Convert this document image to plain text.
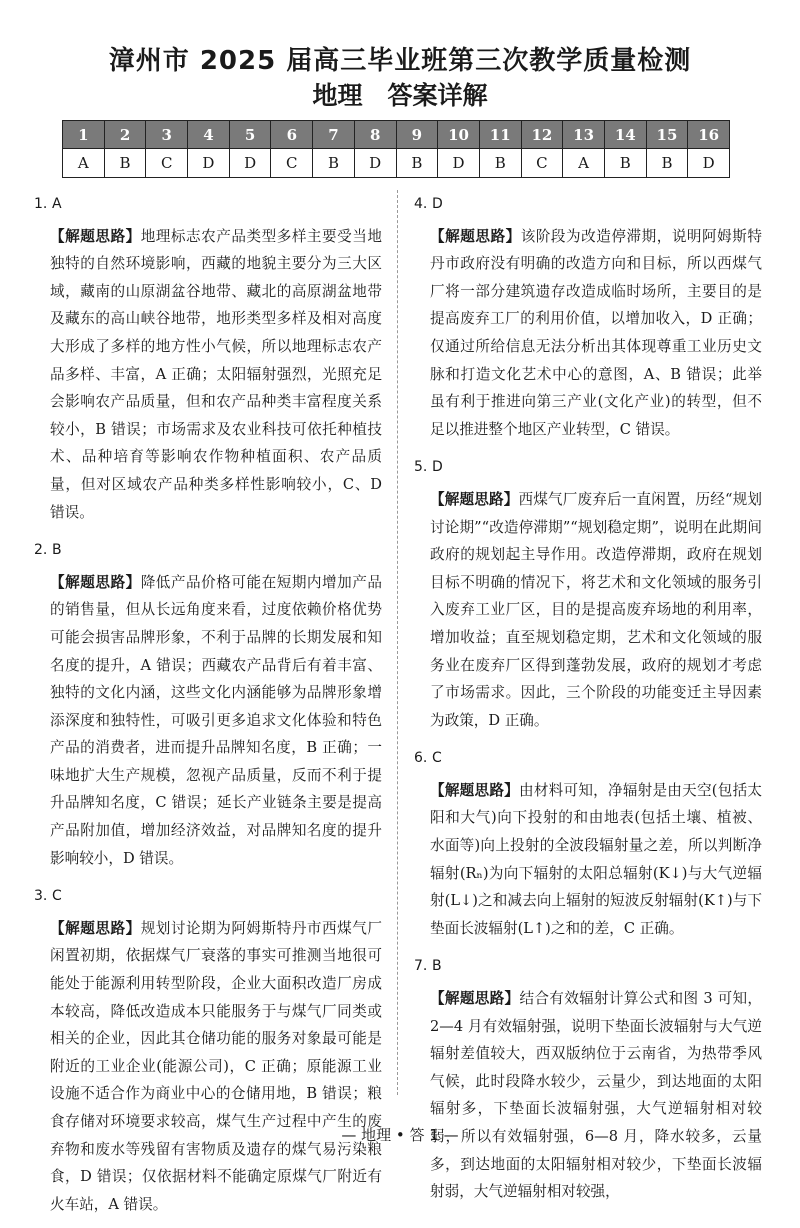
漳州市 2025 届高三毕业班第三次教学质量检测
地理　答案详解
1	2	3	4	5	6	7	8	9	10	11	12	13	14	15	16
A	B	C	D	D	C	B	D	B	D	B	C	A	B	B	D
1. A
【解题思路】地理标志农产品类型多样主要受当地独特的自然环境影响，西藏的地貌主要分为三大区域，藏南的山原湖盆谷地带、藏北的高原湖盆地带及藏东的高山峡谷地带，地形类型多样及相对高度大形成了多样的地方性小气候，所以地理标志农产品多样、丰富，A 正确；太阳辐射强烈，光照充足会影响农产品质量，但和农产品种类丰富程度关系较小，B 错误；市场需求及农业科技可依托种植技术、品种培育等影响农作物种植面积、农产品质量，但对区域农产品种类多样性影响较小，C、D 错误。
2. B
【解题思路】降低产品价格可能在短期内增加产品的销售量，但从长远角度来看，过度依赖价格优势可能会损害品牌形象，不利于品牌的长期发展和知名度的提升，A 错误；西藏农产品背后有着丰富、独特的文化内涵，这些文化内涵能够为品牌形象增添深度和独特性，可吸引更多追求文化体验和特色产品的消费者，进而提升品牌知名度，B 正确；一味地扩大生产规模，忽视产品质量，反而不利于提升品牌知名度，C 错误；延长产业链条主要是提高产品附加值，增加经济效益，对品牌知名度的提升影响较小，D 错误。
3. C
【解题思路】规划讨论期为阿姆斯特丹市西煤气厂闲置初期，依据煤气厂衰落的事实可推测当地很可能处于能源利用转型阶段，企业大面积改造厂房成本较高，降低改造成本只能服务于与煤气厂同类或相关的企业，因此其仓储功能的服务对象最可能是附近的工业企业(能源公司)，C 正确；原能源工业设施不适合作为商业中心的仓储用地，B 错误；粮食存储对环境要求较高，煤气生产过程中产生的废弃物和废水等残留有害物质及遗存的煤气易污染粮食，D 错误；仅依据材料不能确定原煤气厂附近有火车站，A 错误。
4. D
【解题思路】该阶段为改造停滞期，说明阿姆斯特丹市政府没有明确的改造方向和目标，所以西煤气厂将一部分建筑遗存改造成临时场所，主要目的是提高废弃工厂的利用价值，以增加收入，D 正确；仅通过所给信息无法分析出其体现尊重工业历史文脉和打造文化艺术中心的意图，A、B 错误；此举虽有利于推进向第三产业(文化产业)的转型，但不足以推进整个地区产业转型，C 错误。
5. D
【解题思路】西煤气厂废弃后一直闲置，历经“规划讨论期”“改造停滞期”“规划稳定期”，说明在此期间政府的规划起主导作用。改造停滞期，政府在规划目标不明确的情况下，将艺术和文化领域的服务引入废弃工业厂区，目的是提高废弃场地的利用率，增加收益；直至规划稳定期，艺术和文化领域的服务业在废弃厂区得到蓬勃发展，政府的规划才考虑了市场需求。因此，三个阶段的功能变迁主导因素为政策，D 正确。
6. C
【解题思路】由材料可知，净辐射是由天空(包括太阳和大气)向下投射的和由地表(包括土壤、植被、水面等)向上投射的全波段辐射量之差，所以判断净辐射(Rₙ)为向下辐射的太阳总辐射(K↓)与大气逆辐射(L↓)之和减去向上辐射的短波反射辐射(K↑)与下垫面长波辐射(L↑)之和的差，C 正确。
7. B
【解题思路】结合有效辐射计算公式和图 3 可知，2—4 月有效辐射强，说明下垫面长波辐射与大气逆辐射差值较大，西双版纳位于云南省，为热带季风气候，此时段降水较少，云量少，到达地面的太阳辐射多，下垫面长波辐射强，大气逆辐射相对较弱，所以有效辐射强，6—8 月，降水较多，云量多，到达地面的太阳辐射相对较少，下垫面长波辐射弱，大气逆辐射相对较强，
— 地理 • 答 1 —
